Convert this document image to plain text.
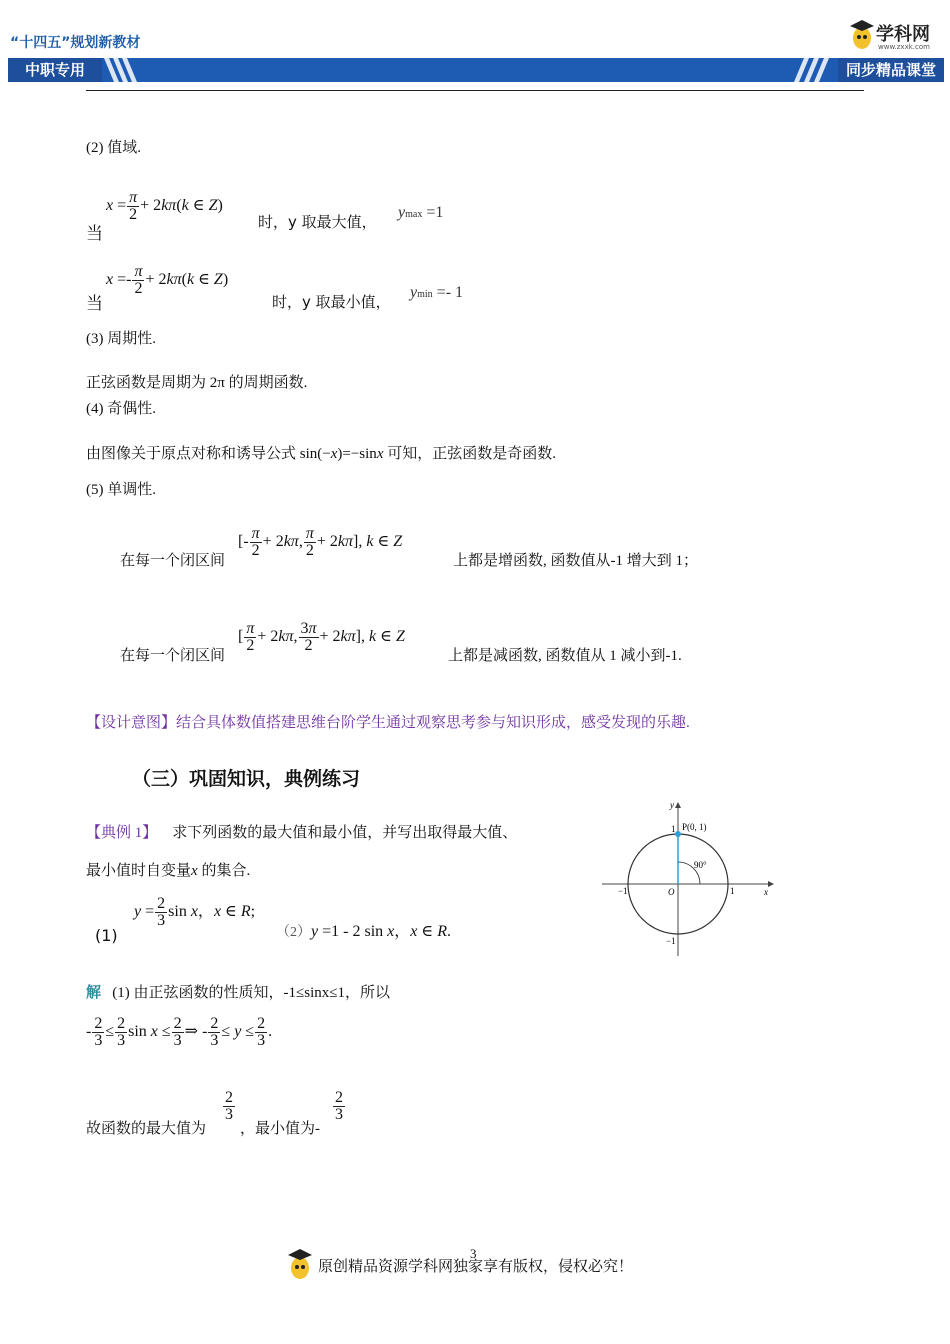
“十四五”规划新教材
中职专用	同步精品课堂
学科网
www.zxxk.com
(2) 值域.
当
$x = \frac{\pi}{2} + 2k\pi(k$ ∈ Z)
时，y 取最大值，
ymax =1
当
$x =- \frac{\pi}{2} + 2k\pi(k$ ∈ Z)
时，y 取最小值，
ymin =- 1
(3) 周期性.
正弦函数是周期为 2π 的周期函数.
(4) 奇偶性.
由图像关于原点对称和诱导公式 sin(−x)=−sinx 可知，正弦函数是奇函数.
(5) 单调性.
在每一个闭区间
[- $\frac{\pi}{2} + 2k\pi$, $\frac{\pi}{2} + 2k\pi$], k ∈ Z
上都是增函数, 函数值从-1 增大到 1；
在每一个闭区间
[ $\frac{\pi}{2} + 2k\pi$, $\frac{3\pi}{2} + 2k\pi$], k ∈ Z
上都是减函数, 函数值从 1 减小到-1.
【设计意图】结合具体数值搭建思维台阶学生通过观察思考参与知识形成，感受发现的乐趣.
（三）巩固知识，典例练习
【典例 1】 求下列函数的最大值和最小值，并写出取得最大值、
最小值时自变量x 的集合.
(1)
$y = \frac{2}{3}$ sin x，x ∈ R;
（2）y =1 - 2 sin x，x ∈ R.
y
x
O
P(0, 1)
90°
1
−1	1
−1
解 (1) 由正弦函数的性质知，-1≤sinx≤1，所以
- $\frac{2}{3} \le \frac{2}{3}$ $\sin x \le \frac{2}{3}$ ⇒ - $\frac{2}{3} \le y \le \frac{2}{3}$ .
故函数的最大值为
$\frac{2}{3}$
，最小值为-
$\frac{2}{3}$
3
原创精品资源学科网独家享有版权，侵权必究！
